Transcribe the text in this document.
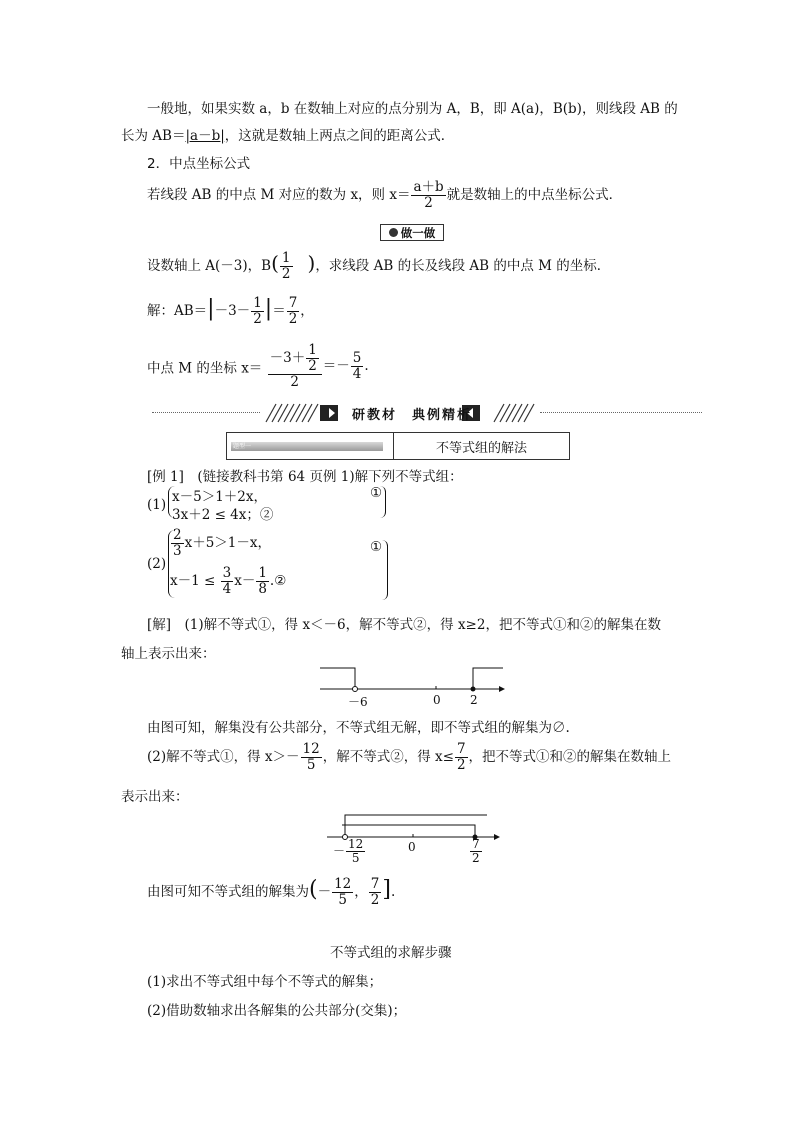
一般地，如果实数 a，b 在数轴上对应的点分别为 A，B，即 A(a)，B(b)，则线段 AB 的
长为 AB＝|a－b|，这就是数轴上两点之间的距离公式．
2．中点坐标公式
若线段 AB 的中点 M 对应的数为 x，则 $x= \frac{a+b}{2}$ 就是数轴上的中点坐标公式．
做一做
设数轴上 A(－3)，$B( \frac{1}{2}$ )，求线段 AB 的长及线段 AB 的中点 M 的坐标．
解：$AB=|-3- \frac{1}{2}$ |＝ $\frac{7}{2}$ ，
中点 M 的坐标 $x= \frac{-3+ \frac{1}{2}}{2} =- \frac{5}{4}$ .
研教材　典例精析
题型一	不等式组的解法
[例 1]　(链接教科书第 64 页例 1)解下列不等式组：
(1) x－5＞1＋2x，
3x＋2 ≤ 4x；②
①
(2)
$\frac{2}{3} x+5>1-x$，	①
$x-1 \le \frac{3}{4} x- \frac{1}{8}$ .②
[解]　(1)解不等式①，得 x＜－6，解不等式②，得 x≥2，把不等式①和②的解集在数
轴上表示出来：
－6	0 2
由图可知，解集没有公共部分，不等式组无解，即不等式组的解集为∅.
(2)解不等式①，得 $x>- \frac{12}{5}$ ，解不等式②，得 $x\le \frac{7}{2}$ ，把不等式①和②的解集在数轴上
表示出来：
0
－ $\frac{12}{5}$	$\frac{7}{2}$
由图可知不等式组的解集为(－ $\frac{12}{5}$ ， $\frac{7}{2}$ ].
不等式组的求解步骤
(1)求出不等式组中每个不等式的解集；
(2)借助数轴求出各解集的公共部分(交集)；
